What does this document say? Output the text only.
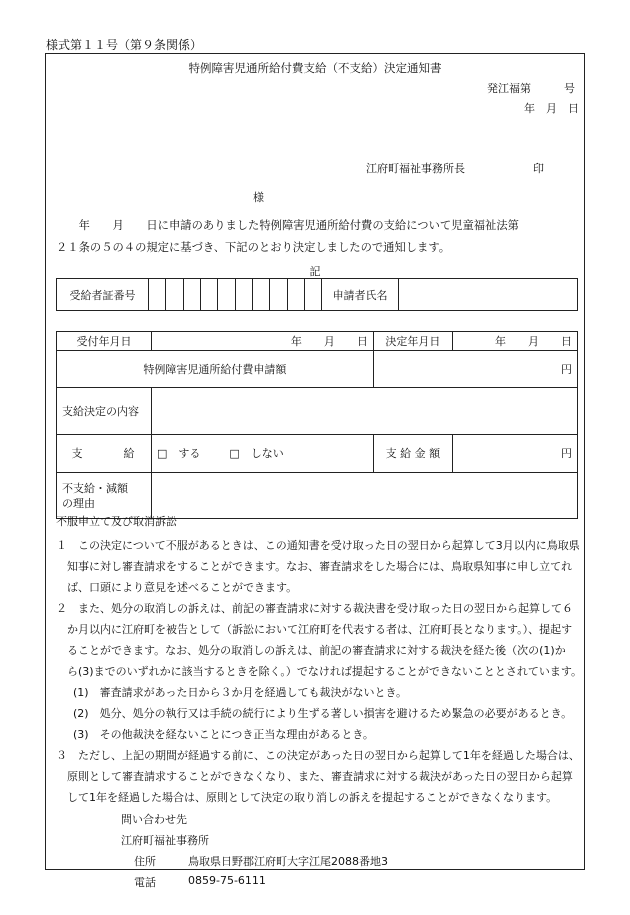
様式第１１号（第９条関係）
特例障害児通所給付費支給（不支給）決定通知書
発江福第　　　号
年　月　日
江府町福祉事務所長	印
様
　　年　　月　　日に申請のありました特例障害児通所給付費の支給について児童福祉法第
２１条の５の４の規定に基づき、下記のとおり決定しましたので通知します。
記
受給者証番号											申請者氏名	
受付年月日	年　　月　　日	決定年月日	年　　月　　日
特例障害児通所給付費申請額		円	
支給決定の内容			
支　　　給	□　する □　しない	支 給 金 額	円

不支給・減額
の理由			

不服申立て及び取消訴訟
１　この決定について不服があるときは、この通知書を受け取った日の翌日から起算して3月以内に鳥取県
　知事に対し審査請求をすることができます。なお、審査請求をした場合には、鳥取県知事に申し立てれ
　ば、口頭により意見を述べることができます。
２　また、処分の取消しの訴えは、前記の審査請求に対する裁決書を受け取った日の翌日から起算して６
　か月以内に江府町を被告として（訴訟において江府町を代表する者は、江府町長となります。）、提起す
　ることができます。なお、処分の取消しの訴えは、前記の審査請求に対する裁決を経た後（次の(1)か
　ら(3)までのいずれかに該当するときを除く。）でなければ提起することができないこととされています。
(1)　審査請求があった日から３か月を経過しても裁決がないとき。
(2)　処分、処分の執行又は手続の続行により生ずる著しい損害を避けるため緊急の必要があるとき。
(3)　その他裁決を経ないことにつき正当な理由があるとき。
３　ただし、上記の期間が経過する前に、この決定があった日の翌日から起算して1年を経過した場合は、
　原則として審査請求することができなくなり、また、審査請求に対する裁決があった日の翌日から起算
　して1年を経過した場合は、原則として決定の取り消しの訴えを提起することができなくなります。
問い合わせ先
江府町福祉事務所
住所	鳥取県日野郡江府町大字江尾2088番地3
電話	0859-75-6111
